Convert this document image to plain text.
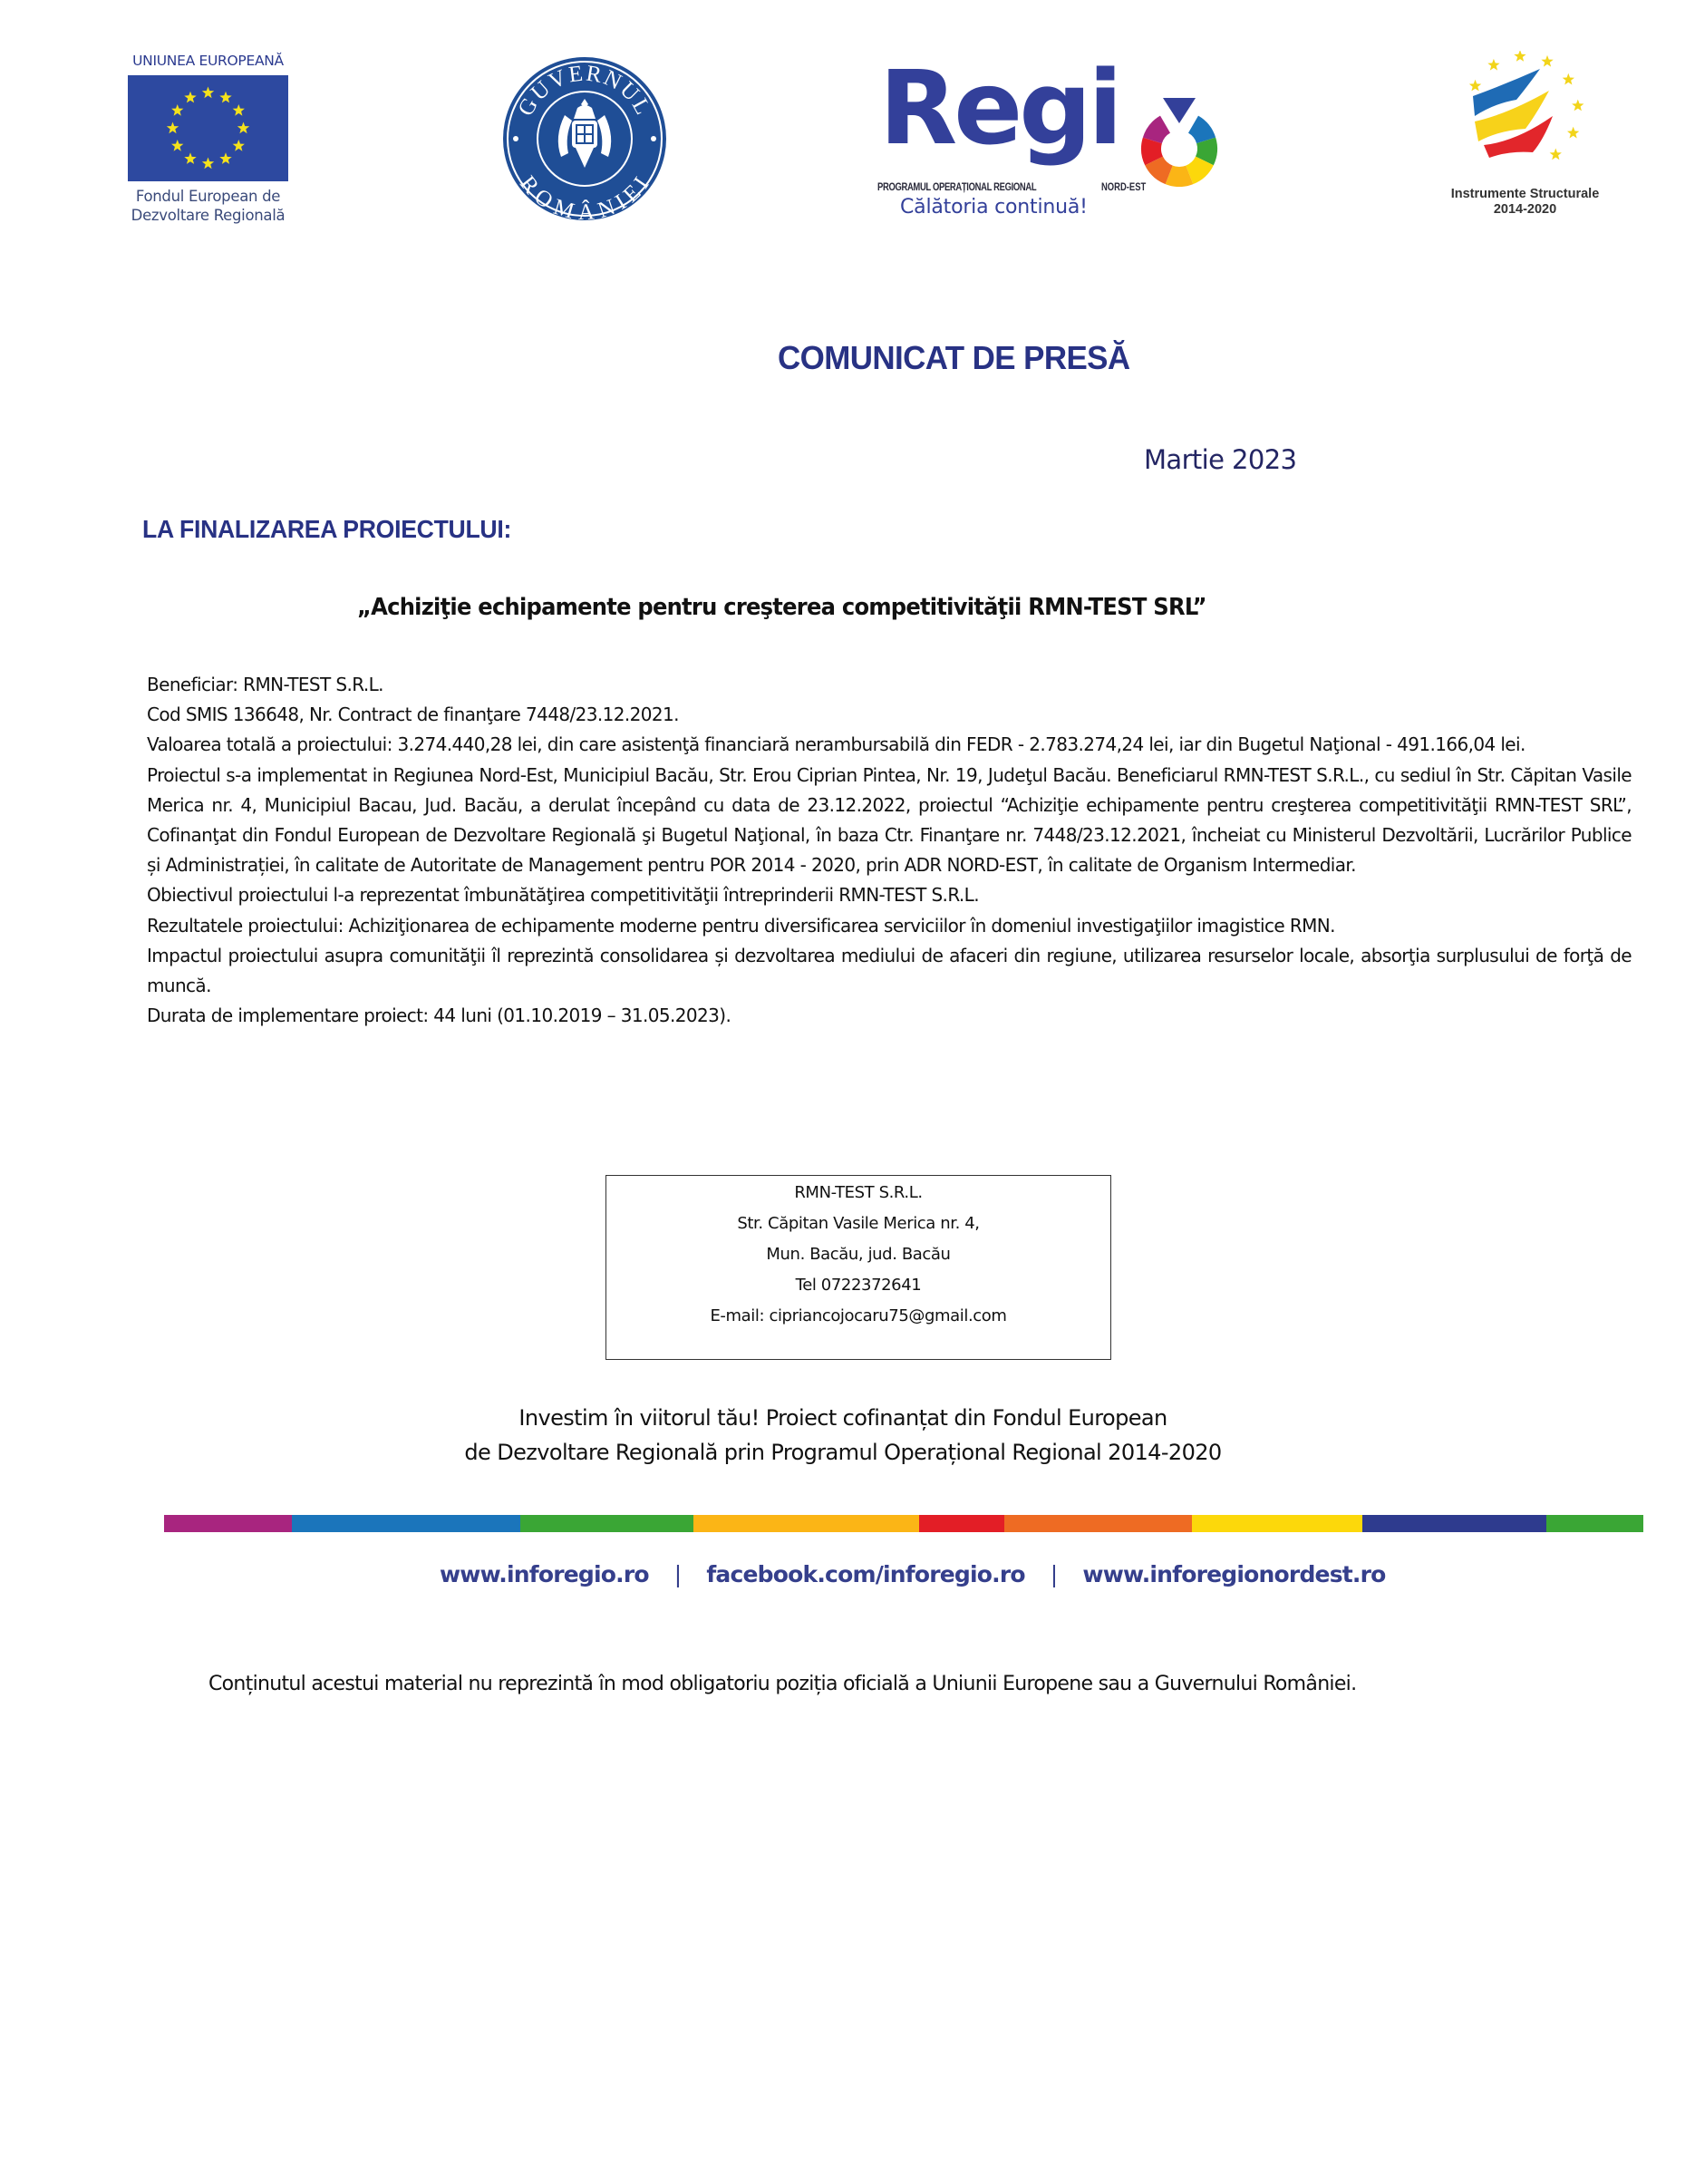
UNIUNEA EUROPEANĂ
Fondul European de
Dezvoltare Regională
GUVERNUL
ROMÂNIEI
Regi
PROGRAMUL OPERAȚIONAL REGIONAL	NORD-EST
Călătoria continuă!
Instrumente Structurale
2014-2020
COMUNICAT DE PRESĂ
Martie 2023
LA FINALIZAREA PROIECTULUI:
„Achiziţie echipamente pentru creşterea competitivităţii RMN-TEST SRL”

Beneficiar: RMN-TEST S.R.L.

Cod SMIS 136648, Nr. Contract de finanţare 7448/23.12.2021.

Valoarea totală a proiectului: 3.274.440,28 lei, din care asistenţă financiară nerambursabilă din FEDR - 2.783.274,24 lei, iar din Bugetul Naţional - 491.166,04 lei.

Proiectul s-a implementat in Regiunea Nord-Est, Municipiul Bacău, Str. Erou Ciprian Pintea, Nr. 19, Judeţul Bacău. Beneficiarul RMN-TEST S.R.L., cu sediul în Str. Căpitan Vasile Merica nr. 4, Municipiul Bacau, Jud. Bacău, a derulat începând cu data de 23.12.2022, proiectul “Achiziţie echipamente pentru creşterea competitivităţii RMN-TEST SRL”, Cofinanţat din Fondul European de Dezvoltare Regională şi Bugetul Naţional, în baza Ctr. Finanţare nr. 7448/23.12.2021, încheiat cu Ministerul Dezvoltării, Lucrărilor Publice și Administrației, în calitate de Autoritate de Management pentru POR 2014 - 2020, prin ADR NORD-EST, în calitate de Organism Intermediar.

Obiectivul proiectului l-a reprezentat îmbunătăţirea competitivităţii întreprinderii RMN-TEST S.R.L.

Rezultatele proiectului: Achiziţionarea de echipamente moderne pentru diversificarea serviciilor în domeniul investigaţiilor imagistice RMN.

Impactul proiectului asupra comunităţii îl reprezintă consolidarea și dezvoltarea mediului de afaceri din regiune, utilizarea resurselor locale, absorţia surplusului de forţă de muncă.

Durata de implementare proiect: 44 luni (01.10.2019 – 31.05.2023).

RMN-TEST S.R.L.
Str. Căpitan Vasile Merica nr. 4,
Mun. Bacău, jud. Bacău
Tel 0722372641
E-mail: cipriancojocaru75@gmail.com
Investim în viitorul tău! Proiect cofinanțat din Fondul European
de Dezvoltare Regională prin Programul Operațional Regional 2014-2020
www.inforegio.ro | facebook.com/inforegio.ro | www.inforegionordest.ro
Conținutul acestui material nu reprezintă în mod obligatoriu poziția oficială a Uniunii Europene sau a Guvernului României.
